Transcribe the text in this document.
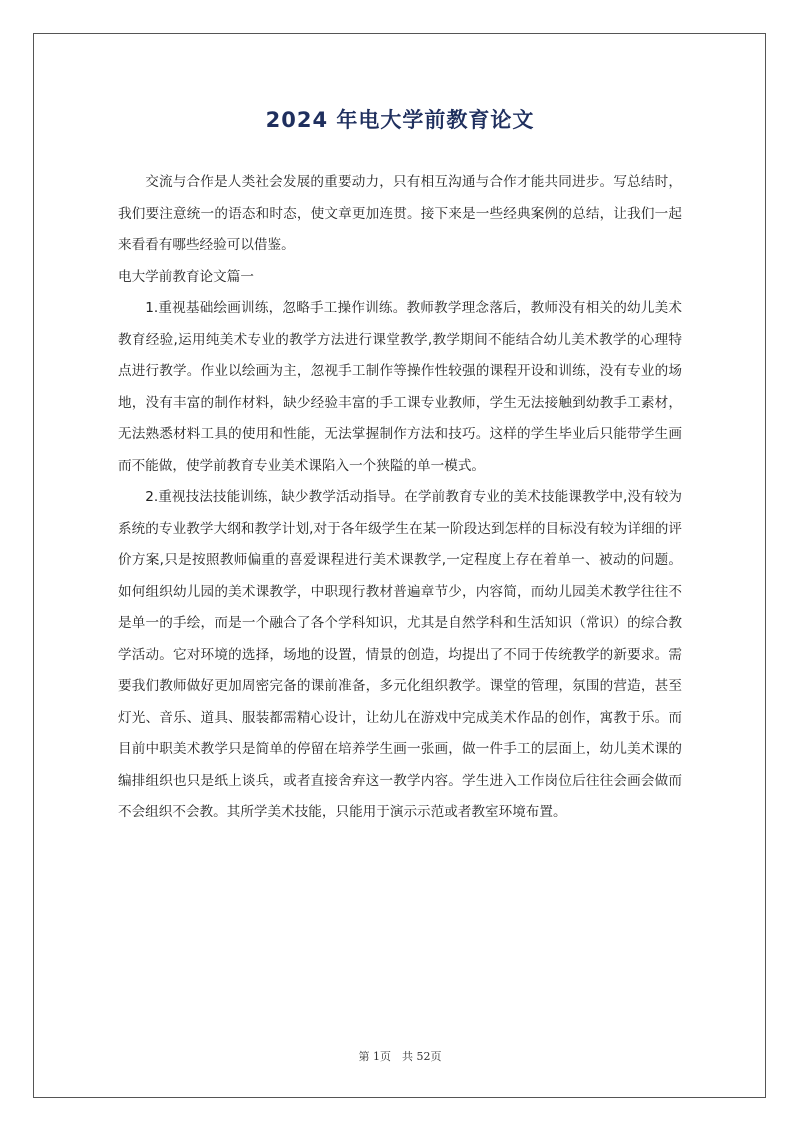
2024 年电大学前教育论文

交流与合作是人类社会发展的重要动力，只有相互沟通与合作才能共同进步。写总结时，我们要注意统一的语态和时态，使文章更加连贯。接下来是一些经典案例的总结，让我们一起来看看有哪些经验可以借鉴。

电大学前教育论文篇一

1.重视基础绘画训练，忽略手工操作训练。教师教学理念落后，教师没有相关的幼儿美术教育经验,运用纯美术专业的教学方法进行课堂教学,教学期间不能结合幼儿美术教学的心理特点进行教学。作业以绘画为主，忽视手工制作等操作性较强的课程开设和训练，没有专业的场地，没有丰富的制作材料，缺少经验丰富的手工课专业教师，学生无法接触到幼教手工素材，无法熟悉材料工具的使用和性能，无法掌握制作方法和技巧。这样的学生毕业后只能带学生画而不能做，使学前教育专业美术课陷入一个狭隘的单一模式。

2.重视技法技能训练，缺少教学活动指导。在学前教育专业的美术技能课教学中,没有较为系统的专业教学大纲和教学计划,对于各年级学生在某一阶段达到怎样的目标没有较为详细的评价方案,只是按照教师偏重的喜爱课程进行美术课教学,一定程度上存在着单一、被动的问题。如何组织幼儿园的美术课教学，中职现行教材普遍章节少，内容简，而幼儿园美术教学往往不是单一的手绘，而是一个融合了各个学科知识，尤其是自然学科和生活知识（常识）的综合教学活动。它对环境的选择，场地的设置，情景的创造，均提出了不同于传统教学的新要求。需要我们教师做好更加周密完备的课前准备，多元化组织教学。课堂的管理，氛围的营造，甚至灯光、音乐、道具、服装都需精心设计，让幼儿在游戏中完成美术作品的创作，寓教于乐。而目前中职美术教学只是简单的停留在培养学生画一张画，做一件手工的层面上，幼儿美术课的编排组织也只是纸上谈兵，或者直接舍弃这一教学内容。学生进入工作岗位后往往会画会做而不会组织不会教。其所学美术技能，只能用于演示示范或者教室环境布置。

第 1页　共 52页
